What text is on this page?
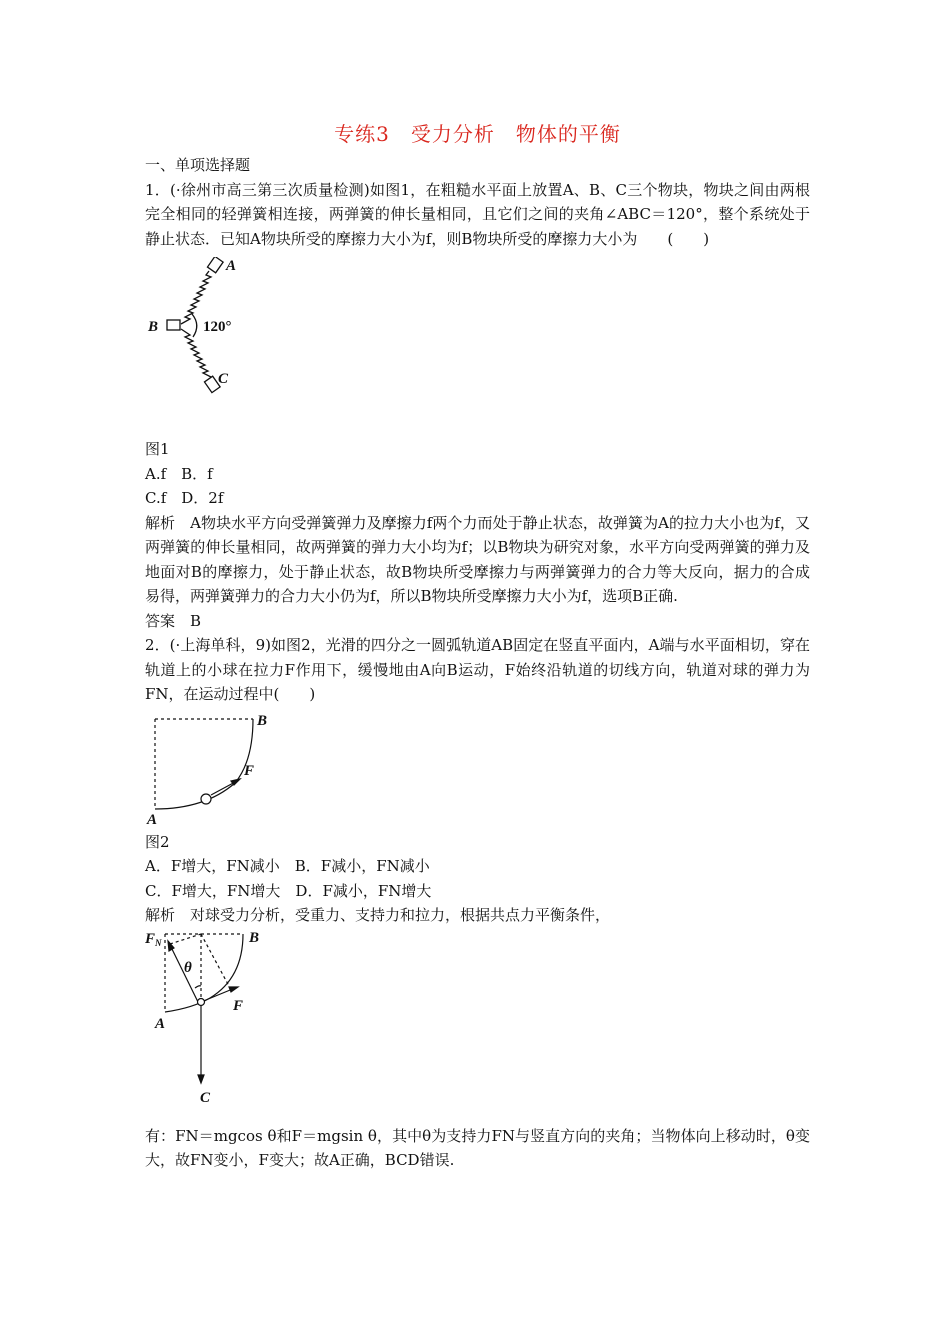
专练3　受力分析　物体的平衡

一、单项选择题

1．(·徐州市高三第三次质量检测)如图1，在粗糙水平面上放置A、B、C三个物块，物块之间由两根完全相同的轻弹簧相连接，两弹簧的伸长量相同，且它们之间的夹角∠ABC＝120°，整个系统处于静止状态．已知A物块所受的摩擦力大小为f，则B物块所受的摩擦力大小为　　(　　)

A
B
C
120°

图1

A.f　B．f

C.f　D．2f

解析　A物块水平方向受弹簧弹力及摩擦力f两个力而处于静止状态，故弹簧为A的拉力大小也为f，又两弹簧的伸长量相同，故两弹簧的弹力大小均为f；以B物块为研究对象，水平方向受两弹簧的弹力及地面对B的摩擦力，处于静止状态，故B物块所受摩擦力与两弹簧弹力的合力等大反向，据力的合成易得，两弹簧弹力的合力大小仍为f，所以B物块所受摩擦力大小为f，选项B正确.

答案　B

2．(·上海单科，9)如图2，光滑的四分之一圆弧轨道AB固定在竖直平面内，A端与水平面相切，穿在轨道上的小球在拉力F作用下，缓慢地由A向B运动，F始终沿轨道的切线方向，轨道对球的弹力为FN，在运动过程中(　　)

B
F
A

图2

A．F增大，FN减小　B．F减小，FN减小

C．F增大，FN增大　D．F减小，FN增大

解析　对球受力分析，受重力、支持力和拉力，根据共点力平衡条件，

$F_N$	B
θ
A
F
C

有：FN＝mgcos θ和F＝mgsin θ，其中θ为支持力FN与竖直方向的夹角；当物体向上移动时，θ变大，故FN变小，F变大；故A正确，BCD错误.
